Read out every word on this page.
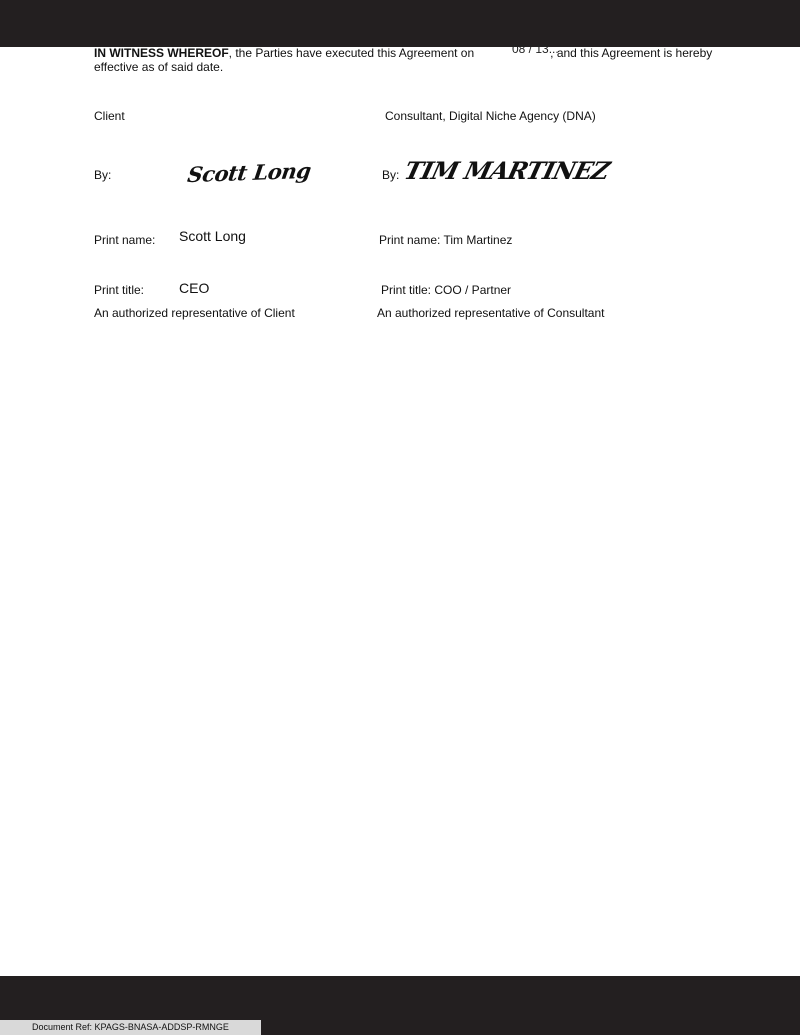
IN WITNESS WHEREOF, the Parties have executed this Agreement on	, and this Agreement is hereby effective as of said date.
08 / 13...
Client
By:	Scott Long
Print name: Scott Long
Print title: CEO
An authorized representative of Client
Consultant, Digital Niche Agency (DNA)
By: TIM MARTINEZ
Print name: Tim Martinez
Print title: COO / Partner
An authorized representative of Consultant
Document Ref: KPAGS-BNASA-ADDSP-RMNGE
